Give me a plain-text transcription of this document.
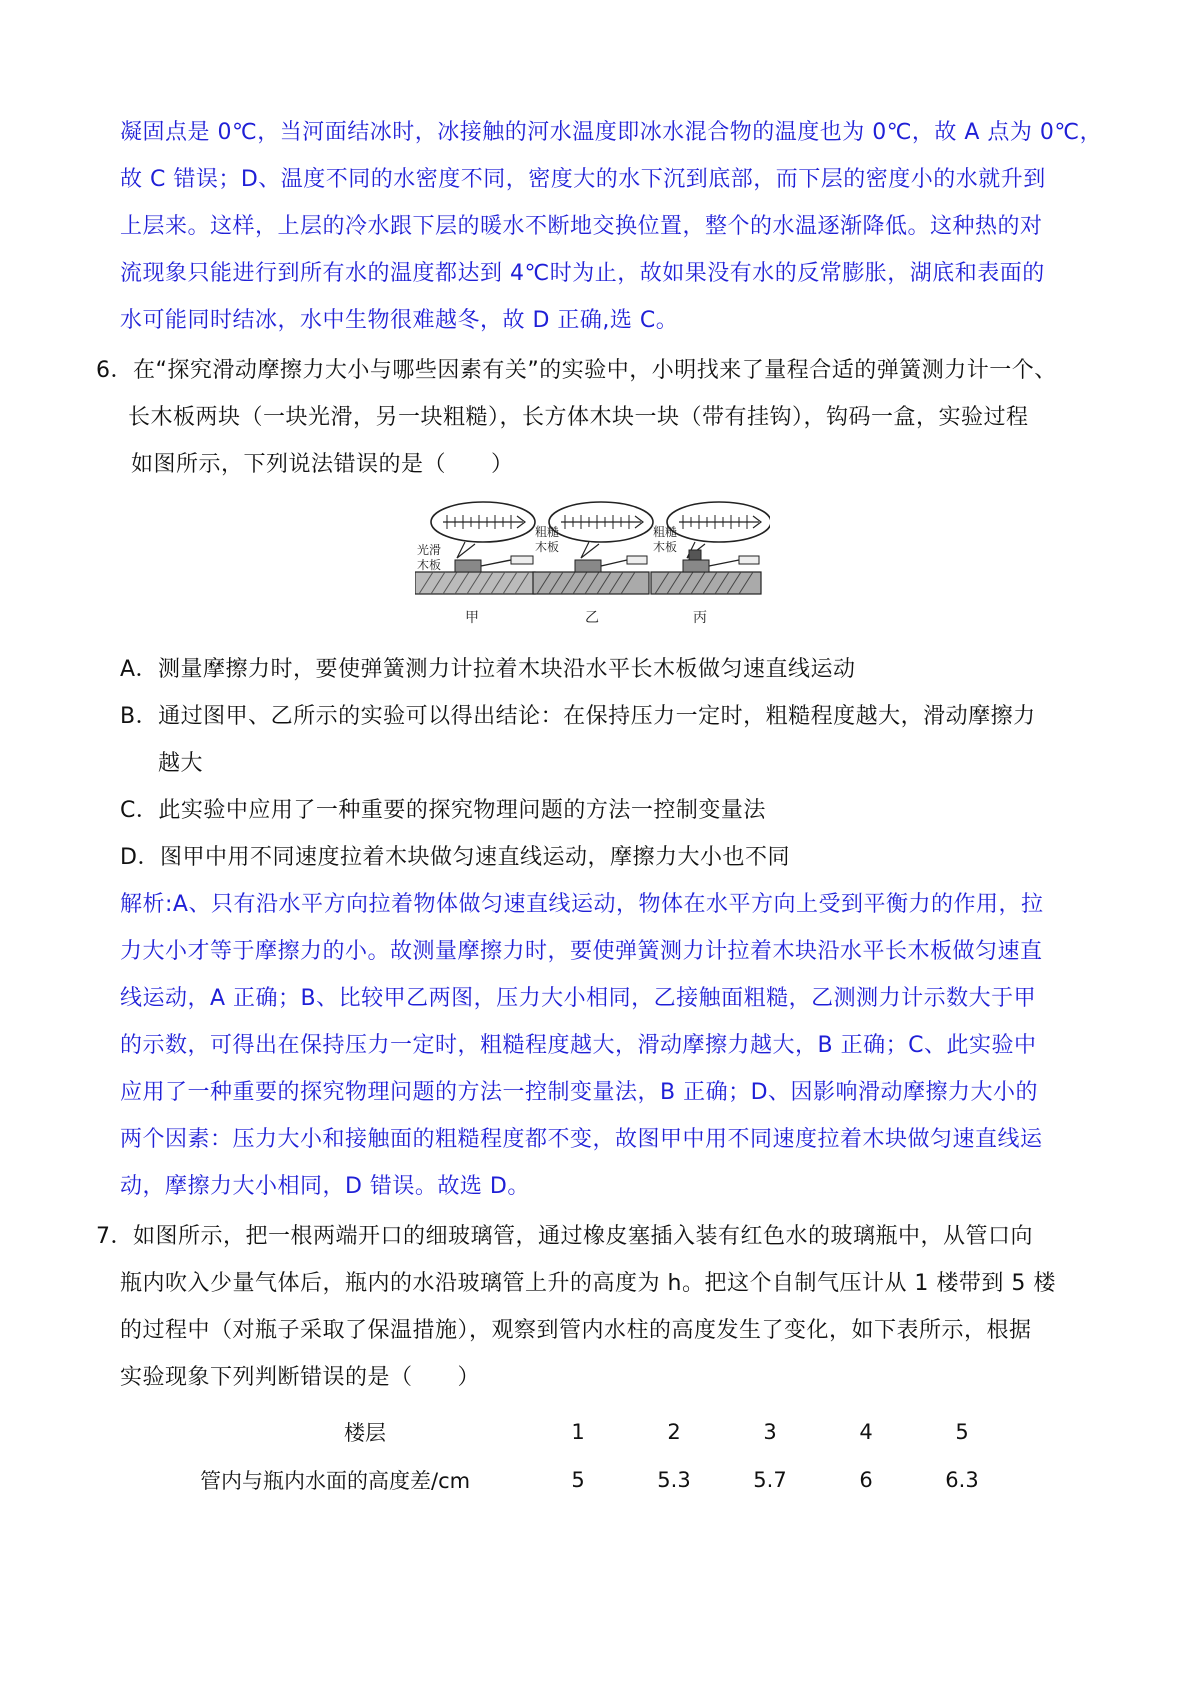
凝固点是 0℃，当河面结冰时，冰接触的河水温度即冰水混合物的温度也为 0℃，故 A 点为 0℃，
故 C 错误；D、温度不同的水密度不同，密度大的水下沉到底部，而下层的密度小的水就升到
上层来。这样，上层的冷水跟下层的暖水不断地交换位置，整个的水温逐渐降低。这种热的对
流现象只能进行到所有水的温度都达到 4℃时为止，故如果没有水的反常膨胀，湖底和表面的
水可能同时结冰，水中生物很难越冬，故 D 正确,选 C。
6．在“探究滑动摩擦力大小与哪些因素有关”的实验中，小明找来了量程合适的弹簧测力计一个、
长木板两块（一块光滑，另一块粗糙），长方体木块一块（带有挂钩），钩码一盒，实验过程
如图所示，下列说法错误的是（　　）
光滑
木板
甲
粗糙
木板
乙
粗糙
木板
丙
A．测量摩擦力时，要使弹簧测力计拉着木块沿水平长木板做匀速直线运动
B．通过图甲、乙所示的实验可以得出结论：在保持压力一定时，粗糙程度越大，滑动摩擦力
越大
C．此实验中应用了一种重要的探究物理问题的方法一控制变量法
D．图甲中用不同速度拉着木块做匀速直线运动，摩擦力大小也不同
解析:A、只有沿水平方向拉着物体做匀速直线运动，物体在水平方向上受到平衡力的作用，拉
力大小才等于摩擦力的小。故测量摩擦力时，要使弹簧测力计拉着木块沿水平长木板做匀速直
线运动，A 正确；B、比较甲乙两图，压力大小相同，乙接触面粗糙，乙测测力计示数大于甲
的示数，可得出在保持压力一定时，粗糙程度越大，滑动摩擦力越大，B 正确；C、此实验中
应用了一种重要的探究物理问题的方法一控制变量法，B 正确；D、因影响滑动摩擦力大小的
两个因素：压力大小和接触面的粗糙程度都不变，故图甲中用不同速度拉着木块做匀速直线运
动，摩擦力大小相同，D 错误。故选 D。
7．如图所示，把一根两端开口的细玻璃管，通过橡皮塞插入装有红色水的玻璃瓶中，从管口向
瓶内吹入少量气体后，瓶内的水沿玻璃管上升的高度为 h。把这个自制气压计从 1 楼带到 5 楼
的过程中（对瓶子采取了保温措施），观察到管内水柱的高度发生了变化，如下表所示，根据
实验现象下列判断错误的是（　　）
楼层	1	2	3	4	5
管内与瓶内水面的高度差/cm	5	5.3	5.7	6	6.3
